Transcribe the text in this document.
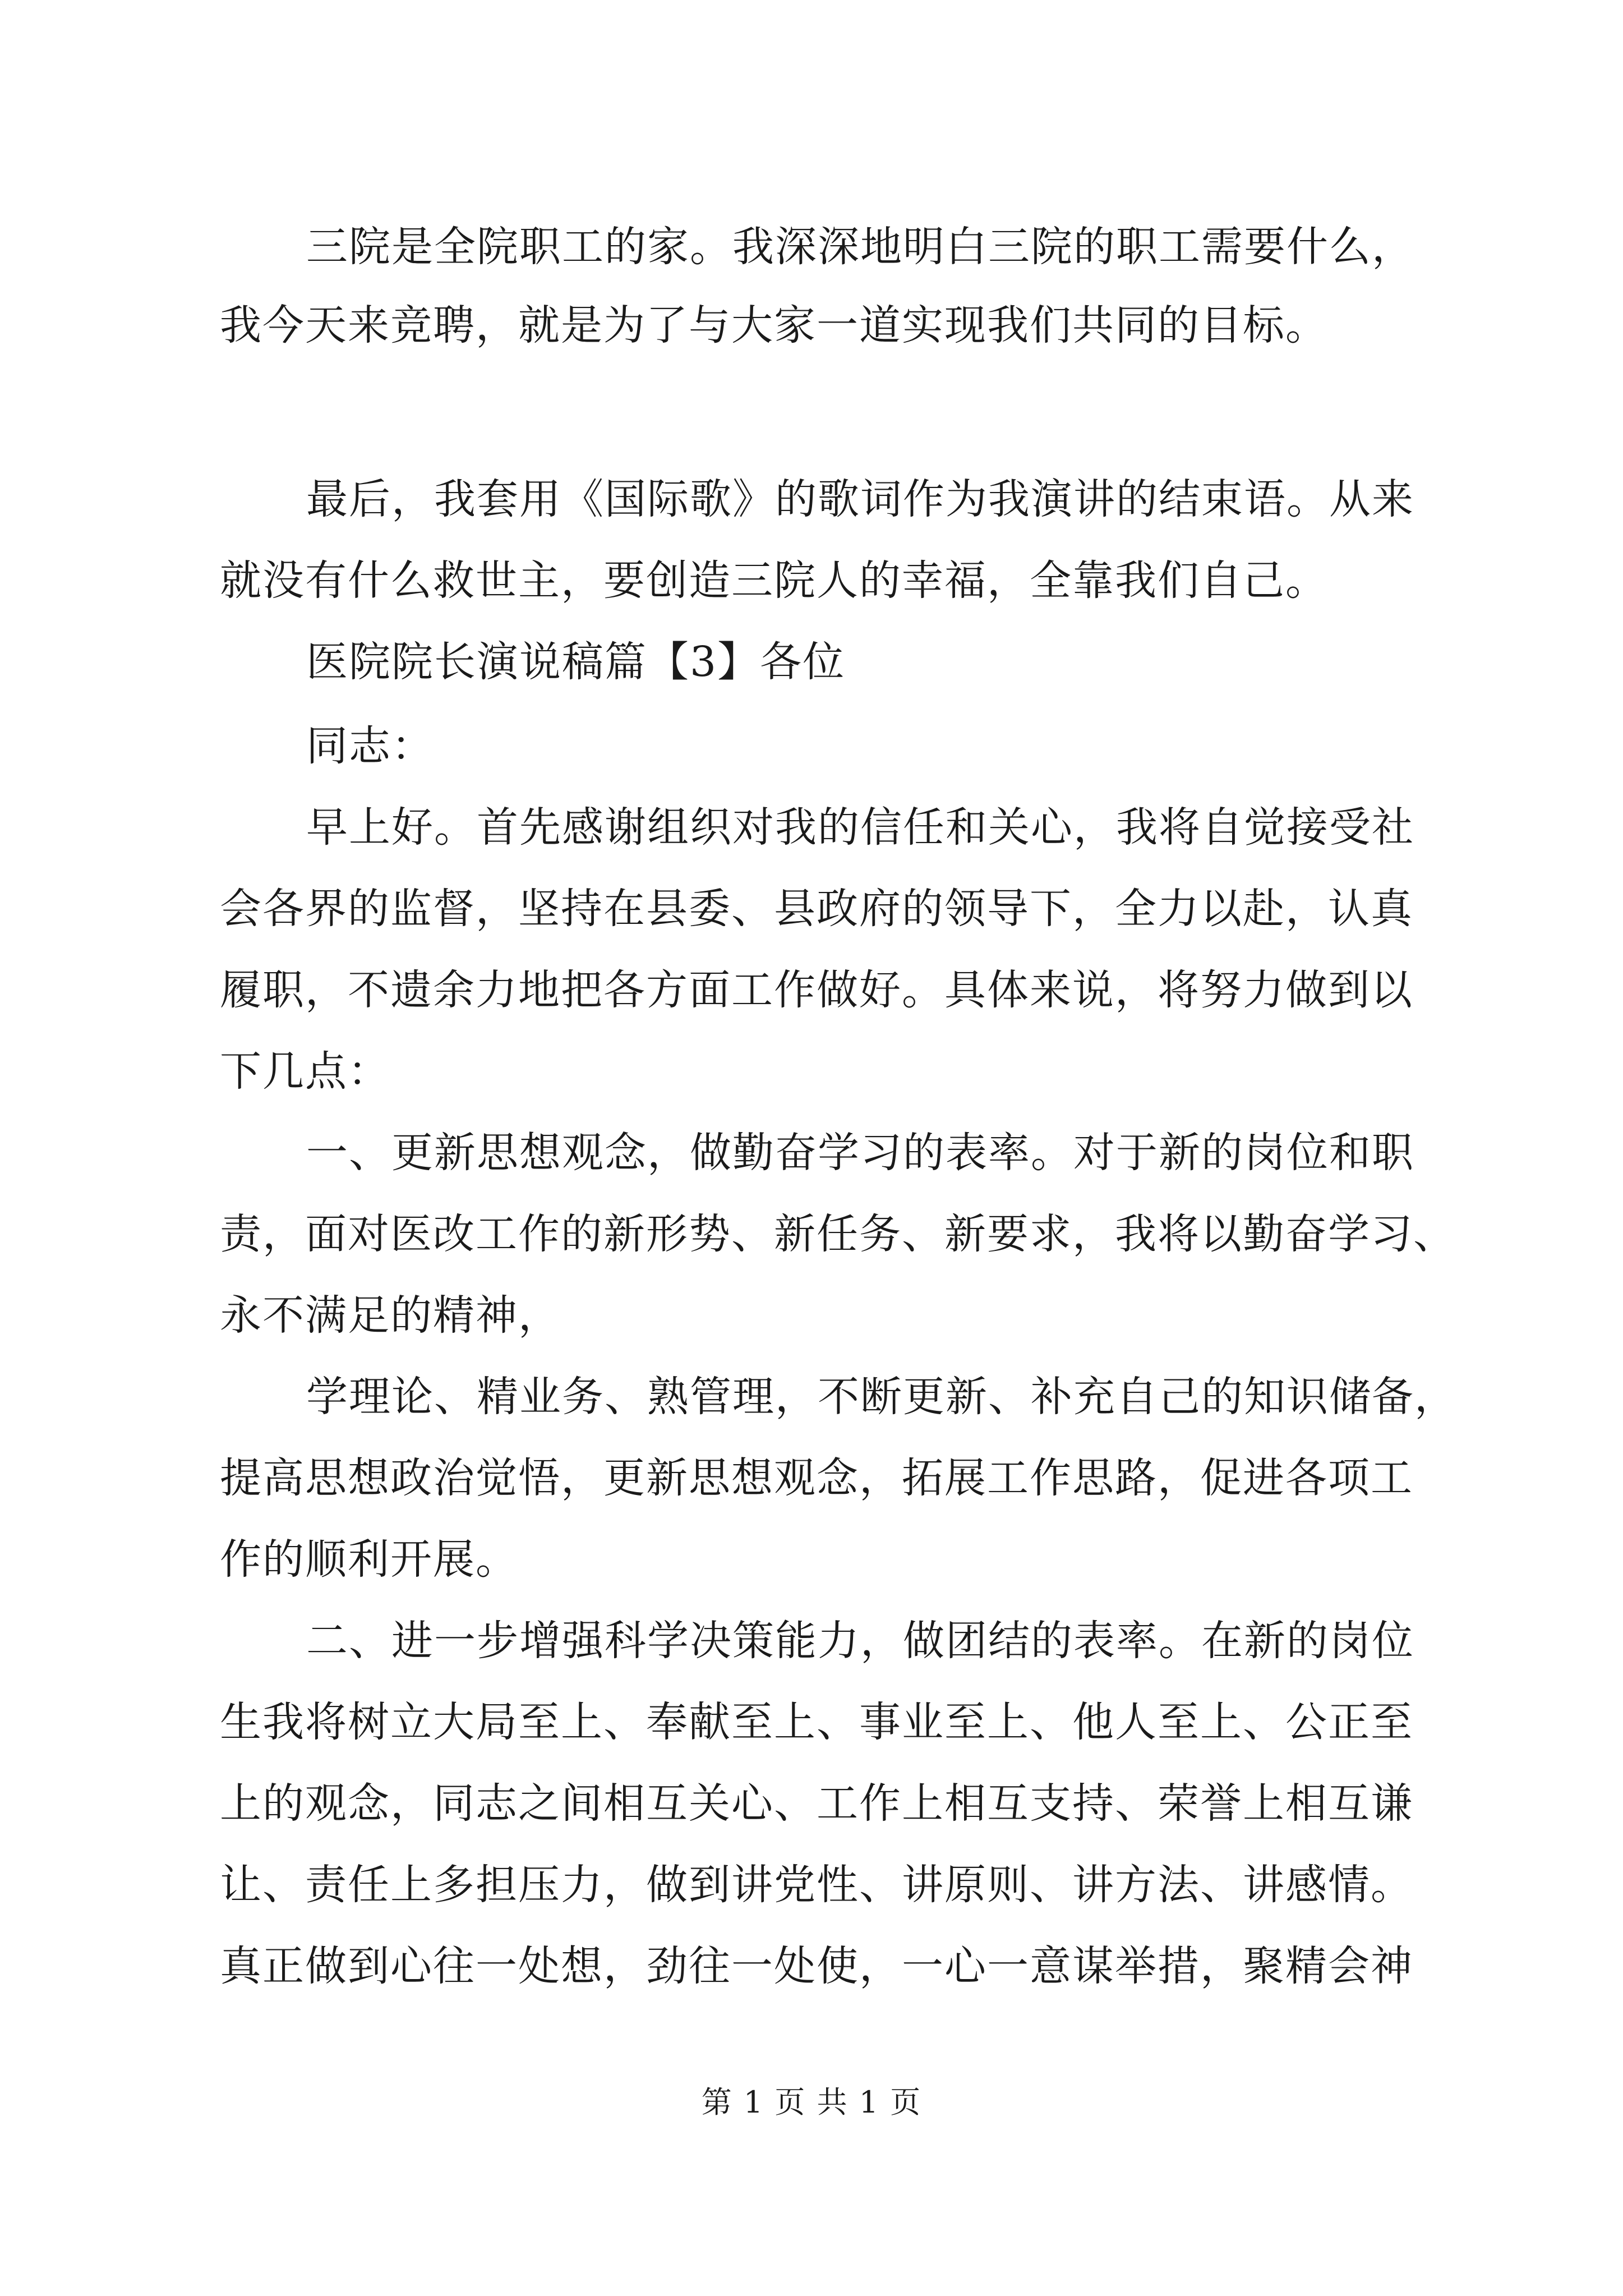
三院是全院职工的家。我深深地明白三院的职工需要什么，

我今天来竞聘，就是为了与大家一道实现我们共同的目标。

最后，我套用《国际歌》的歌词作为我演讲的结束语。从来

就没有什么救世主，要创造三院人的幸福，全靠我们自己。

医院院长演说稿篇【3】各位

同志：

早上好。首先感谢组织对我的信任和关心，我将自觉接受社

会各界的监督，坚持在县委、县政府的领导下，全力以赴，认真

履职，不遗余力地把各方面工作做好。具体来说，将努力做到以

下几点：

一、更新思想观念，做勤奋学习的表率。对于新的岗位和职

责，面对医改工作的新形势、新任务、新要求，我将以勤奋学习、

永不满足的精神，

学理论、精业务、熟管理，不断更新、补充自己的知识储备，

提高思想政治觉悟，更新思想观念，拓展工作思路，促进各项工

作的顺利开展。

二、进一步增强科学决策能力，做团结的表率。在新的岗位

生我将树立大局至上、奉献至上、事业至上、他人至上、公正至

上的观念，同志之间相互关心、工作上相互支持、荣誉上相互谦

让、责任上多担压力，做到讲党性、讲原则、讲方法、讲感情。

真正做到心往一处想，劲往一处使，一心一意谋举措，聚精会神

第 1 页 共 1 页
